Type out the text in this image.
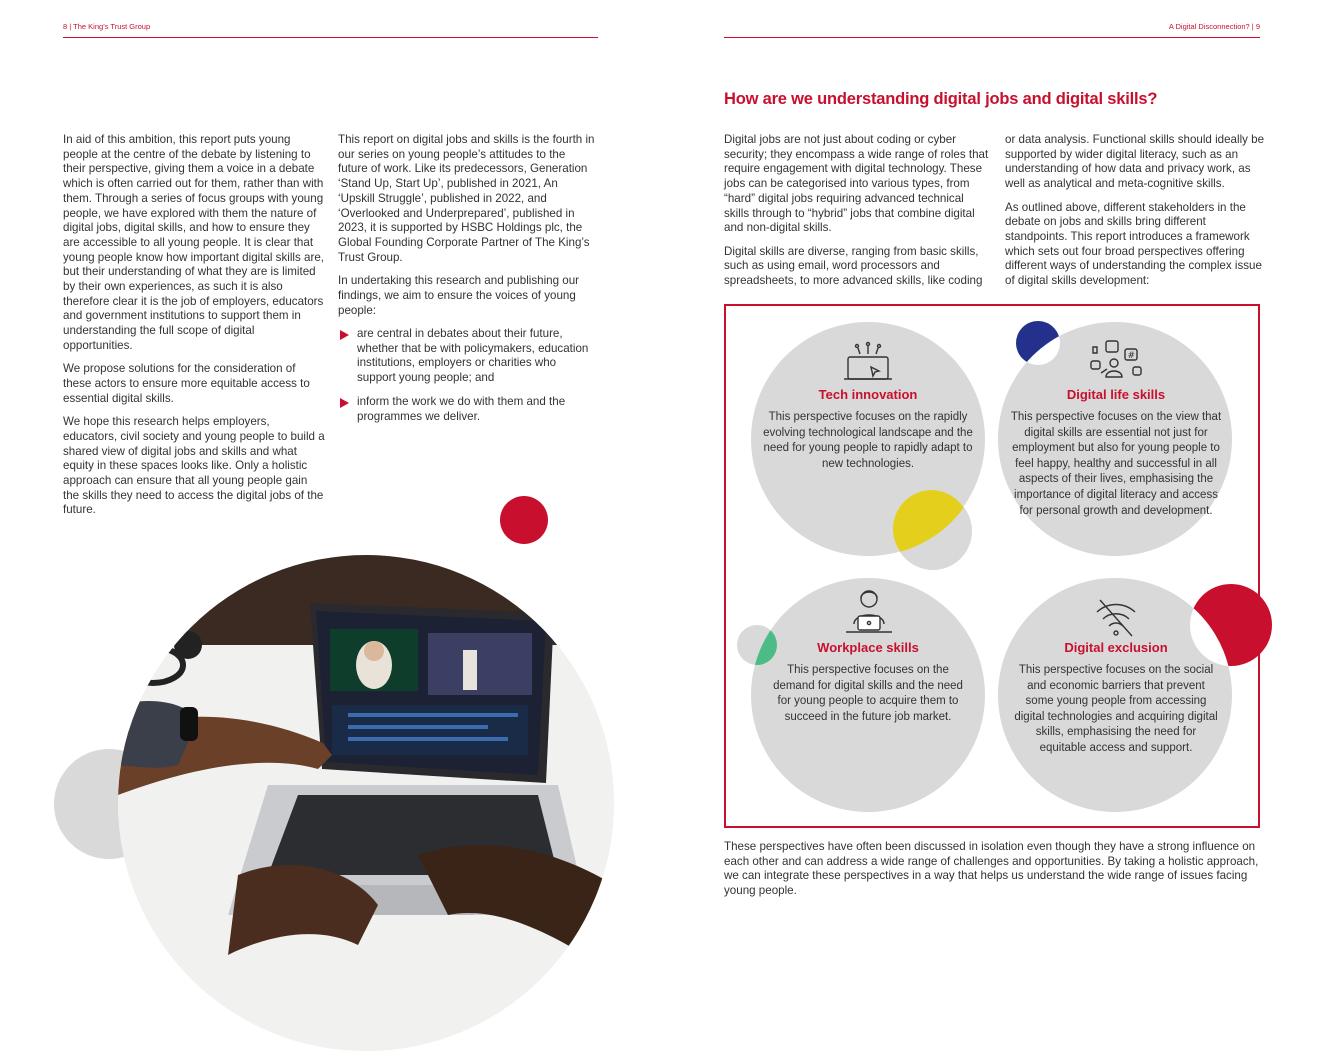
8 | The King’s Trust Group

In aid of this ambition, this report puts young people at the centre of the debate by listening to their perspective, giving them a voice in a debate which is often carried out for them, rather than with them. Through a series of focus groups with young people, we have explored with them the nature of digital jobs, digital skills, and how to ensure they are accessible to all young people. It is clear that young people know how important digital skills are, but their understanding of what they are is limited by their own experiences, as such it is also therefore clear it is the job of employers, educators and government institutions to support them in understanding the full scope of digital opportunities.

We propose solutions for the consideration of these actors to ensure more equitable access to essential digital skills.

We hope this research helps employers, educators, civil society and young people to build a shared view of digital jobs and skills and what equity in these spaces looks like. Only a holistic approach can ensure that all young people gain the skills they need to access the digital jobs of the future.

This report on digital jobs and skills is the fourth in our series on young people’s attitudes to the future of work. Like its predecessors, Generation ‘Stand Up, Start Up’, published in 2021, An ‘Upskill Struggle’, published in 2022, and ‘Overlooked and Underprepared’, published in 2023, it is supported by HSBC Holdings plc, the Global Founding Corporate Partner of The King’s Trust Group.

In undertaking this research and publishing our findings, we aim to ensure the voices of young people:

are central in debates about their future, whether that be with policymakers, education institutions, employers or charities who support young people; and
inform the work we do with them and the programmes we deliver.
A Digital Disconnection? | 9
How are we understanding digital jobs and digital skills?

Digital jobs are not just about coding or cyber security; they encompass a wide range of roles that require engagement with digital technology. These jobs can be categorised into various types, from “hard” digital jobs requiring advanced technical skills through to “hybrid” jobs that combine digital and non-digital skills.

Digital skills are diverse, ranging from basic skills, such as using email, word processors and spreadsheets, to more advanced skills, like coding

or data analysis. Functional skills should ideally be supported by wider digital literacy, such as an understanding of how data and privacy work, as well as analytical and meta-cognitive skills.

As outlined above, different stakeholders in the debate on jobs and skills bring different standpoints. This report introduces a framework which sets out four broad perspectives offering different ways of understanding the complex issue of digital skills development:

#
Tech innovation
This perspective focuses on the rapidly evolving technological landscape and the need for young people to rapidly adapt to new technologies.
Digital life skills
This perspective focuses on the view that digital skills are essential not just for employment but also for young people to feel happy, healthy and successful in all aspects of their lives, emphasising the importance of digital literacy and access for personal growth and development.
Workplace skills
This perspective focuses on the demand for digital skills and the need for young people to acquire them to succeed in the future job market.
Digital exclusion
This perspective focuses on the social and economic barriers that prevent some young people from accessing digital technologies and acquiring digital skills, emphasising the need for equitable access and support.
These perspectives have often been discussed in isolation even though they have a strong influence on each other and can address a wide range of challenges and opportunities. By taking a holistic approach, we can integrate these perspectives in a way that helps us understand the wide range of issues facing young people.
